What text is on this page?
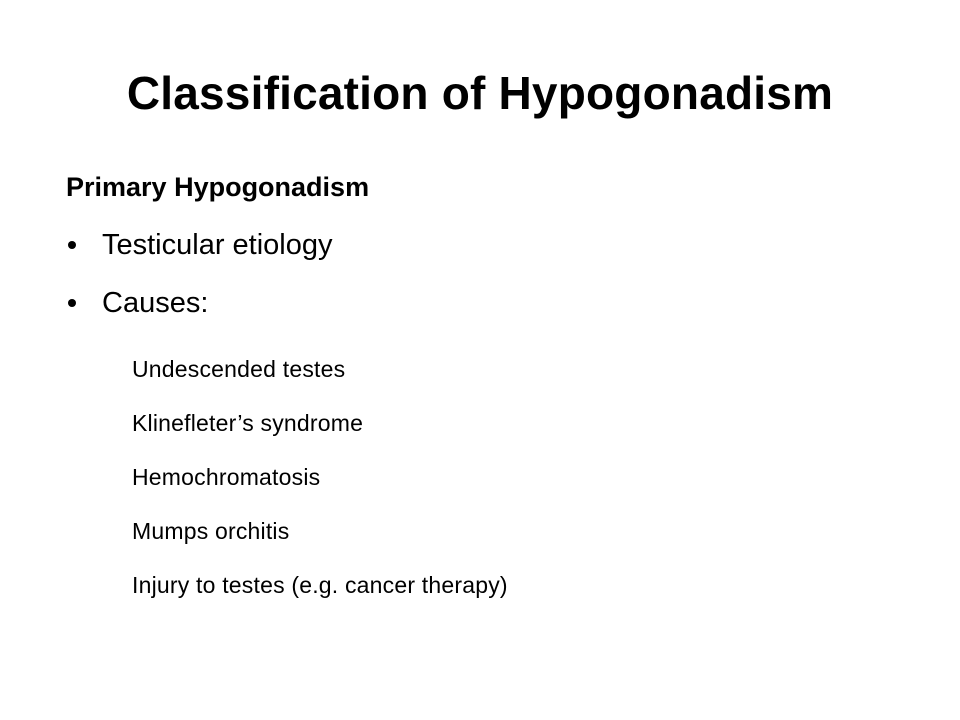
Classification of Hypogonadism
Primary Hypogonadism
Testicular etiology
Causes:
Undescended testes
Klinefleter’s syndrome
Hemochromatosis
Mumps orchitis
Injury to testes (e.g. cancer therapy)
